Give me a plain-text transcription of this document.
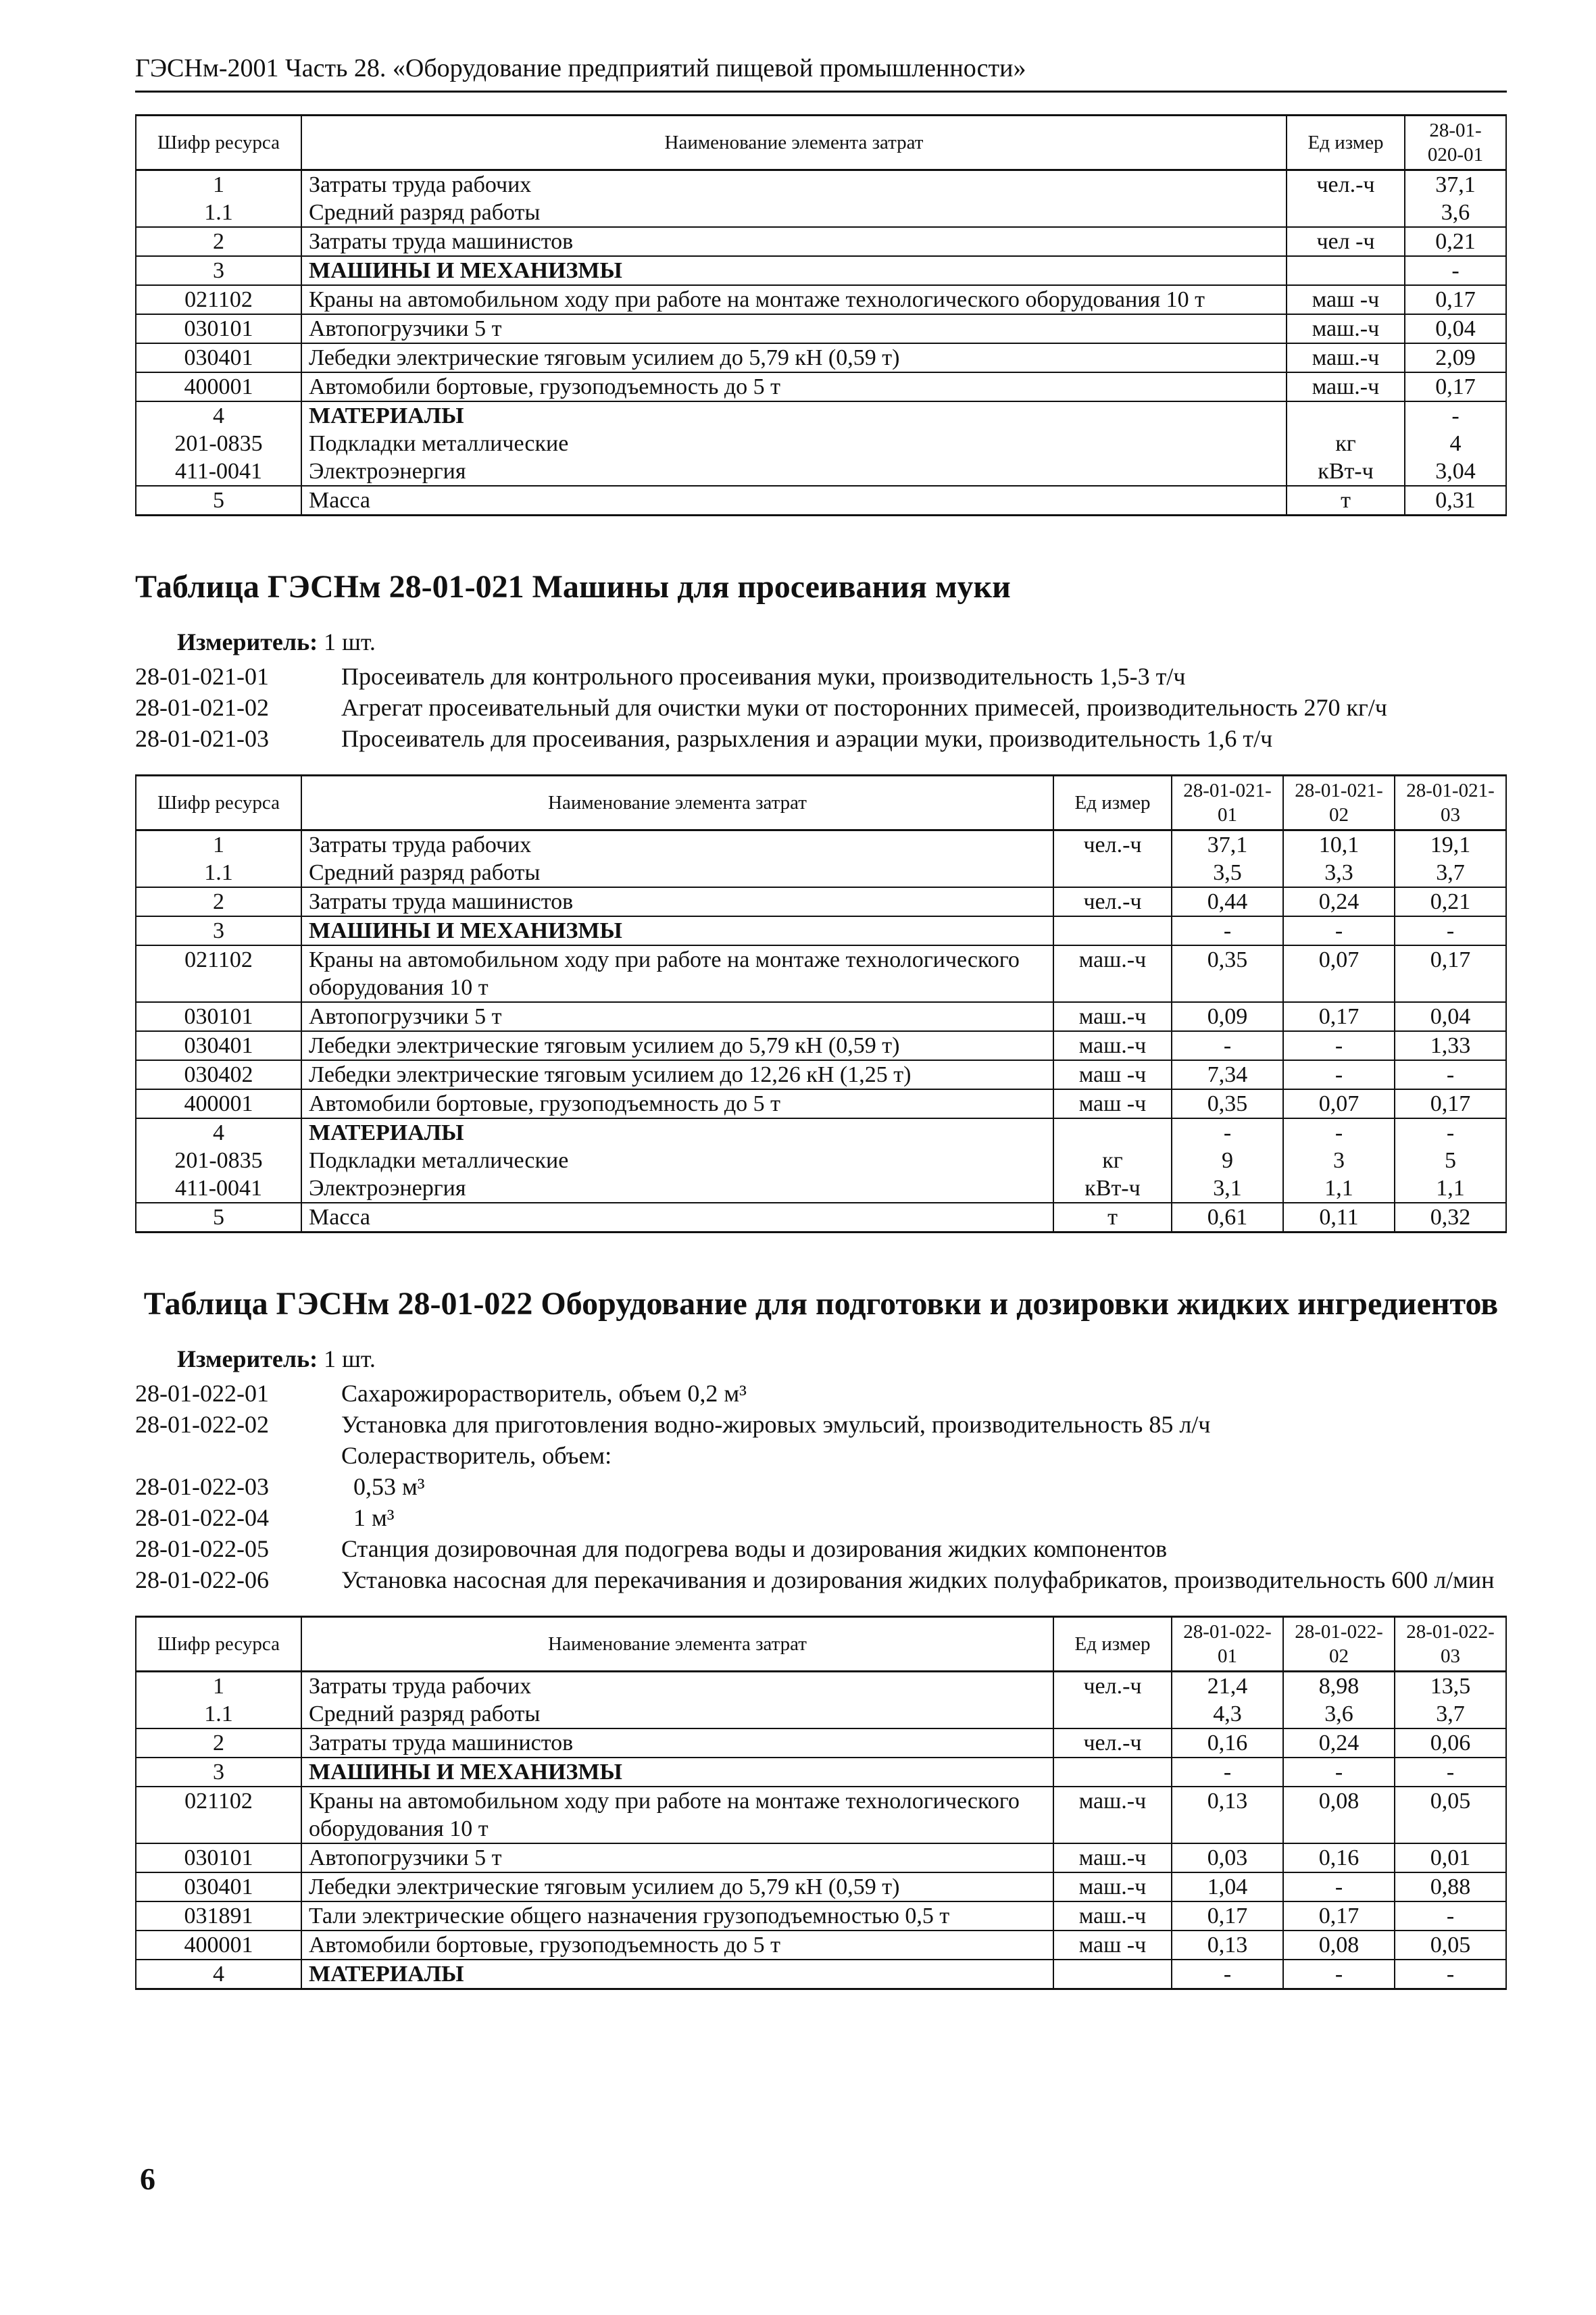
ГЭСНм-2001 Часть 28. «Оборудование предприятий пищевой промышленности»
Шифр ресурса	Наименование элемента затрат	Ед измер	28-01-020-01
1	Затраты труда рабочих	чел.-ч	37,1
1.1	Средний разряд работы		3,6
2	Затраты труда машинистов	чел -ч	0,21
3	МАШИНЫ И МЕХАНИЗМЫ		-
021102	Краны на автомобильном ходу при работе на монтаже технологического оборудования 10 т	маш -ч	0,17
030101	Автопогрузчики 5 т	маш.-ч	0,04
030401	Лебедки электрические тяговым усилием до 5,79 кН (0,59 т)	маш.-ч	2,09
400001	Автомобили бортовые, грузоподъемность до 5 т	маш.-ч	0,17
4	МАТЕРИАЛЫ		-
201-0835	Подкладки металлические	кг	4
411-0041	Электроэнергия	кВт-ч	3,04
5	Масса	т	0,31
Таблица ГЭСНм 28-01-021 Машины для просеивания муки
Измеритель: 1 шт.
28-01-021-01	Просеиватель для контрольного просеивания муки, производительность 1,5-3 т/ч
28-01-021-02	Агрегат просеивательный для очистки муки от посторонних примесей, производительность 270 кг/ч
28-01-021-03	Просеиватель для просеивания, разрыхления и аэрации муки, производительность 1,6 т/ч
Шифр ресурса	Наименование элемента затрат	Ед измер	28-01-021-01	28-01-021-02	28-01-021-03
1	Затраты труда рабочих	чел.-ч	37,1	10,1	19,1
1.1	Средний разряд работы		3,5	3,3	3,7
2	Затраты труда машинистов	чел.-ч	0,44	0,24	0,21
3	МАШИНЫ И МЕХАНИЗМЫ		-	-	-
021102	Краны на автомобильном ходу при работе на монтаже технологического оборудования 10 т	маш.-ч	0,35	0,07	0,17
030101	Автопогрузчики 5 т	маш.-ч	0,09	0,17	0,04
030401	Лебедки электрические тяговым усилием до 5,79 кН (0,59 т)	маш.-ч	-	-	1,33
030402	Лебедки электрические тяговым усилием до 12,26 кН (1,25 т)	маш -ч	7,34	-	-
400001	Автомобили бортовые, грузоподъемность до 5 т	маш -ч	0,35	0,07	0,17
4	МАТЕРИАЛЫ		-	-	-
201-0835	Подкладки металлические	кг	9	3	5
411-0041	Электроэнергия	кВт-ч	3,1	1,1	1,1
5	Масса	т	0,61	0,11	0,32
Таблица ГЭСНм 28-01-022 Оборудование для подготовки и дозировки жидких ингредиентов
Измеритель: 1 шт.
28-01-022-01	Сахарожирорастворитель, объем 0,2 м³
28-01-022-02	Установка для приготовления водно-жировых эмульсий, производительность 85 л/ч
Солерастворитель, объем:
28-01-022-03	0,53 м³
28-01-022-04	1 м³
28-01-022-05	Станция дозировочная для подогрева воды и дозирования жидких компонентов
28-01-022-06	Установка насосная для перекачивания и дозирования жидких полуфабрикатов, производительность 600 л/мин
Шифр ресурса	Наименование элемента затрат	Ед измер	28-01-022-01	28-01-022-02	28-01-022-03
1	Затраты труда рабочих	чел.-ч	21,4	8,98	13,5
1.1	Средний разряд работы		4,3	3,6	3,7
2	Затраты труда машинистов	чел.-ч	0,16	0,24	0,06
3	МАШИНЫ И МЕХАНИЗМЫ		-	-	-
021102	Краны на автомобильном ходу при работе на монтаже технологического оборудования 10 т	маш.-ч	0,13	0,08	0,05
030101	Автопогрузчики 5 т	маш.-ч	0,03	0,16	0,01
030401	Лебедки электрические тяговым усилием до 5,79 кН (0,59 т)	маш.-ч	1,04	-	0,88
031891	Тали электрические общего назначения грузоподъемностью 0,5 т	маш.-ч	0,17	0,17	-
400001	Автомобили бортовые, грузоподъемность до 5 т	маш -ч	0,13	0,08	0,05
4	МАТЕРИАЛЫ		-	-	-
6
